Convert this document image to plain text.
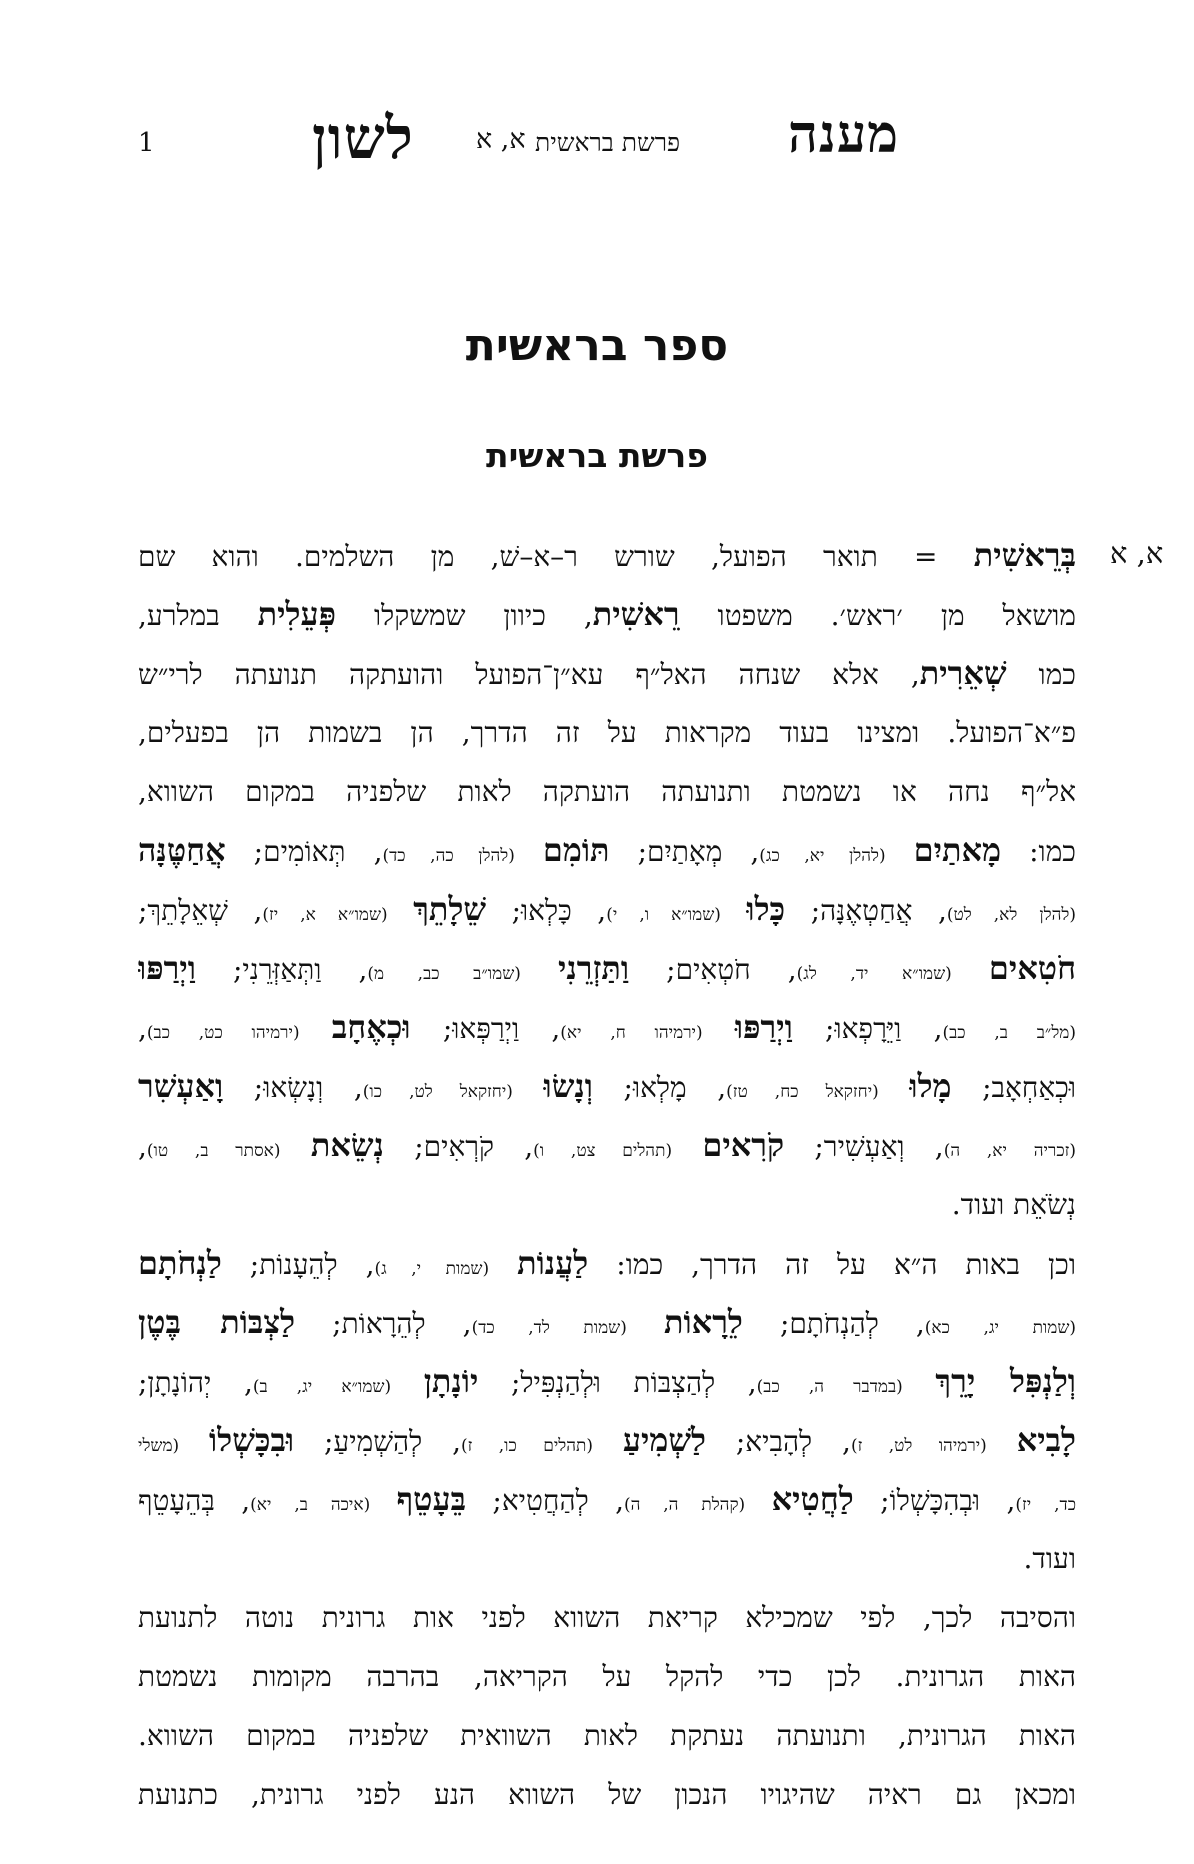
1	לשון א, א פרשת בראשית מענה
ספר בראשית
פרשת בראשית
א, א
בְּרֵאשִׁית = תואר הפועל, שורש ר–א–שׁ, מן השלמים. והוא שם
מושאל מן ׳ראש׳. משפטו רֵאשִׁית, כיוון שמשקלו פְּעֵלִית במלרע,
כמו שְׁאֵרִית, אלא שנחה האל״ף עא״ן־הפועל והועתקה תנועתה לרי״ש
פ״א־הפועל. ומצינו בעוד מקראות על זה הדרך, הן בשמות הן בפעלים,
אל״ף נחה או נשמטת ותנועתה הועתקה לאות שלפניה במקום השווא,
כמו: מָאתַיִם (להלן יא, כג), מְאָתַיִם; תּוֹמִם (להלן כה, כד), תְּאוֹמִים; אֲחַטֶּנָּה
(להלן לא, לט), אֲחַטְאֶנָּה; כָּלוּ (שמו״א ו, י), כָּלְאוּ; שֵׁלָתֵךְ (שמו״א א, יז), שְׁאֵלָתֵךְ;
חֹטִאים (שמו״א יד, לג), חֹטְאִים; וַתַּזְרֵנִי (שמו״ב כב, מ), וַתְּאַזְּרֵנִי; וַיְרַפּוּ
(מל״ב ב, כב), וַיֵּרָפְאוּ; וַיְרַפּוּ (ירמיהו ח, יא), וַיְרַפְּאוּ; וּכְאֶחָב (ירמיהו כט, כב),
וּכְאַחְאָב; מָלוּ (יחזקאל כח, טז), מָלְאוּ; וְנָשׂוּ (יחזקאל לט, כו), וְנָשְׂאוּ; וָאַעְשִׁר
(זכריה יא, ה), וְאַעְשִׁיר; קֹרִאים (תהלים צט, ו), קֹרְאִים; נְשֵׂאת (אסתר ב, טו),
נְשֹׂאֵת ועוד.
וכן באות ה״א על זה הדרך, כמו: לַעֲנוֹת (שמות י, ג), לְהֵעָנוֹת; לַנְחֹתָם
(שמות יג, כא), לְהַנְחֹתָם; לֵרָאוֹת (שמות לד, כד), לְהֵרָאוֹת; לַצְבּוֹת בֶּטֶן
וְלַנְפִּל יָרֵךְ (במדבר ה, כב), לְהַצְבּוֹת וּלְהַנְפִּיל; יוֹנָתָן (שמו״א יג, ב), יְהוֹנָתָן;
לָבִיא (ירמיהו לט, ז), לְהָבִיא; לַשְׁמִיעַ (תהלים כו, ז), לְהַשְׁמִיעַ; וּבִכָּשְׁלוֹ (משלי
כד, יז), וּבְהִכָּשְׁלוֹ; לַחֲטִיא (קהלת ה, ה), לְהַחֲטִיא; בֵּעָטֵף (איכה ב, יא), בְּהֵעָטֵף
ועוד.
והסיבה לכך, לפי שמכילא קריאת השווא לפני אות גרונית נוטה לתנועת
האות הגרונית. לכן כדי להקל על הקריאה, בהרבה מקומות נשמטת
האות הגרונית, ותנועתה נעתקת לאות השוואית שלפניה במקום השווא.
ומכאן גם ראיה שהיגויו הנכון של השווא הנע לפני גרונית, כתנועת
